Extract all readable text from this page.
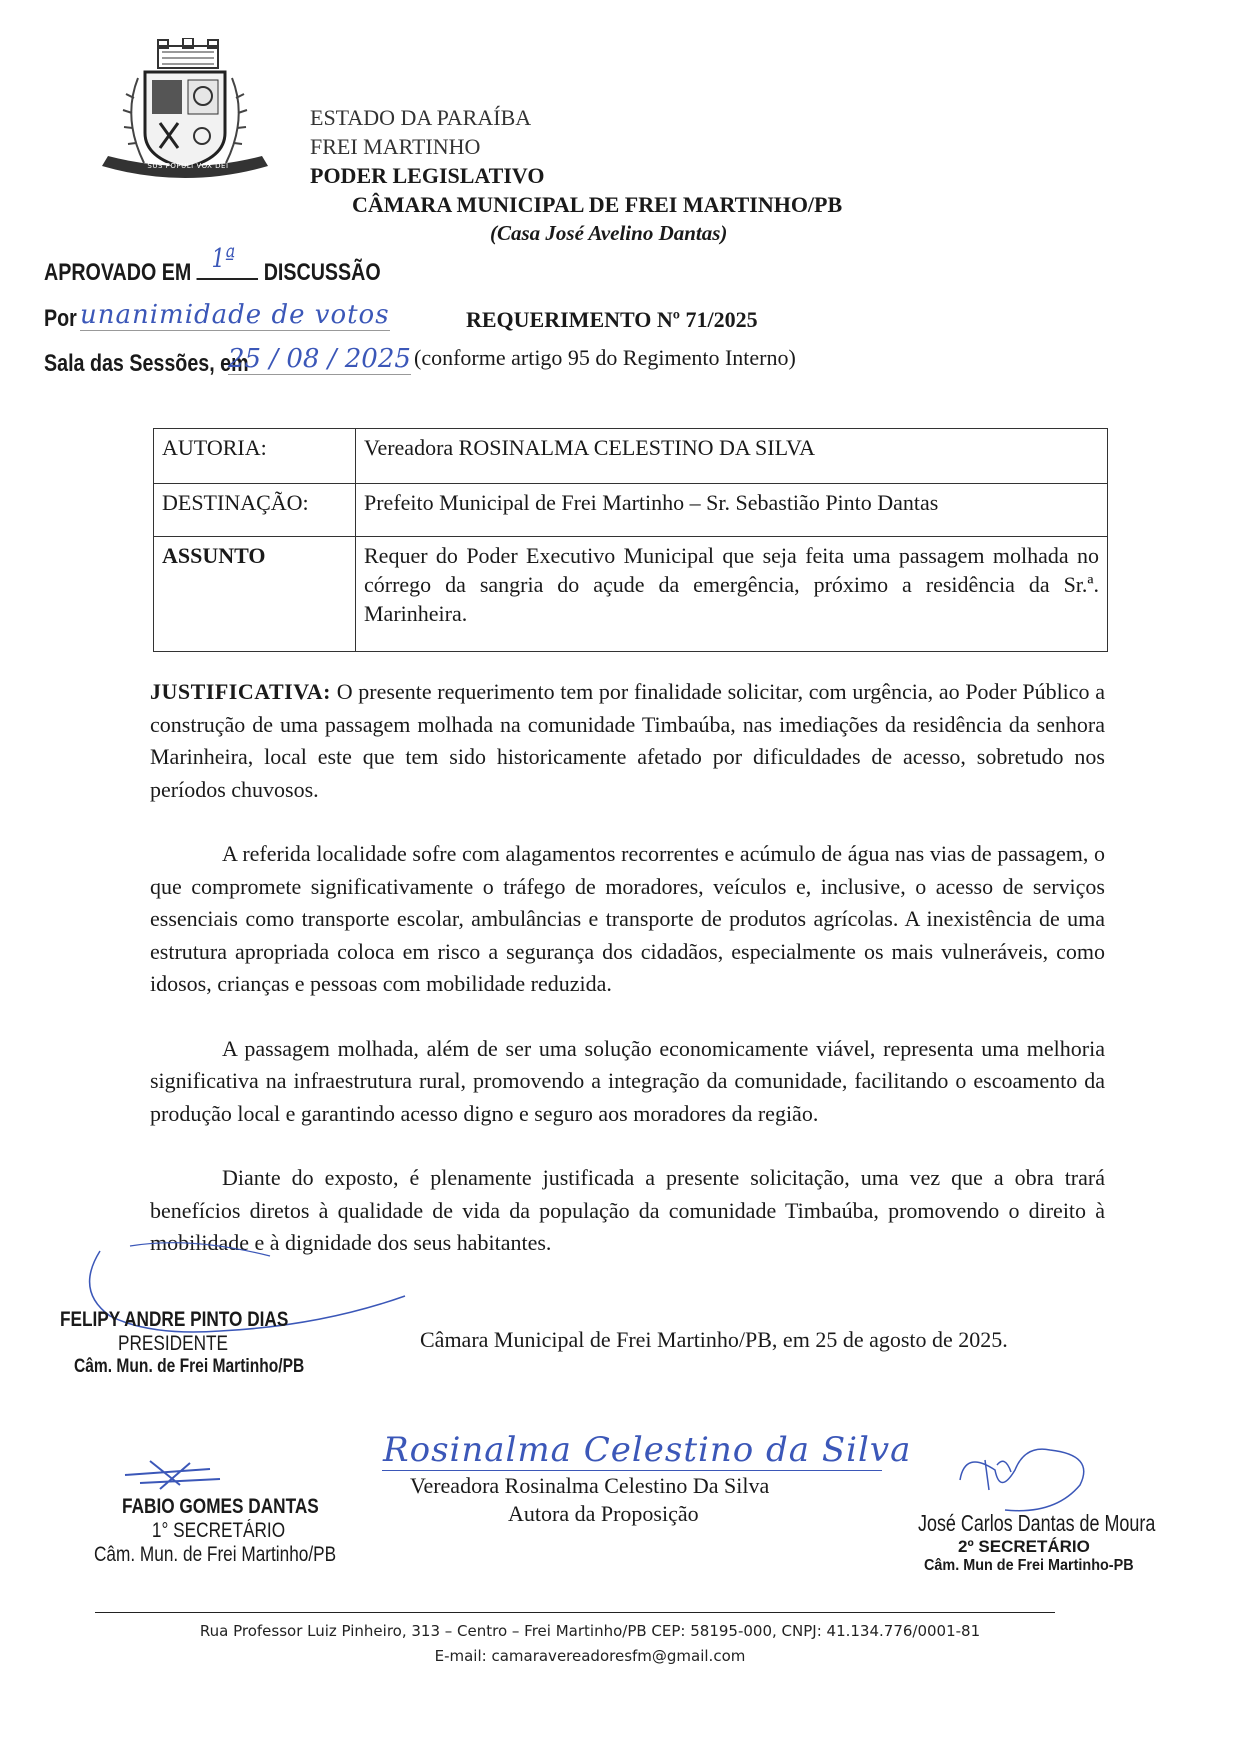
SUS POPULI VOX DEI
ESTADO DA PARAÍBA
FREI MARTINHO
PODER LEGISLATIVO
CÂMARA MUNICIPAL DE FREI MARTINHO/PB
(Casa José Avelino Dantas)
APROVADO EM 1ª DISCUSSÃO
Por unanimidade de votos
Sala das Sessões, em
25 / 08 / 2025
REQUERIMENTO Nº 71/2025
(conforme artigo 95 do Regimento Interno)
AUTORIA:	Vereadora ROSINALMA CELESTINO DA SILVA
DESTINAÇÃO:	Prefeito Municipal de Frei Martinho – Sr. Sebastião Pinto Dantas
ASSUNTO	Requer do Poder Executivo Municipal que seja feita uma passagem molhada no córrego da sangria do açude da emergência, próximo a residência da Sr.ª. Marinheira.

JUSTIFICATIVA: O presente requerimento tem por finalidade solicitar, com urgência, ao Poder Público a construção de uma passagem molhada na comunidade Timbaúba, nas imediações da residência da senhora Marinheira, local este que tem sido historicamente afetado por dificuldades de acesso, sobretudo nos períodos chuvosos.

A referida localidade sofre com alagamentos recorrentes e acúmulo de água nas vias de passagem, o que compromete significativamente o tráfego de moradores, veículos e, inclusive, o acesso de serviços essenciais como transporte escolar, ambulâncias e transporte de produtos agrícolas. A inexistência de uma estrutura apropriada coloca em risco a segurança dos cidadãos, especialmente os mais vulneráveis, como idosos, crianças e pessoas com mobilidade reduzida.

A passagem molhada, além de ser uma solução economicamente viável, representa uma melhoria significativa na infraestrutura rural, promovendo a integração da comunidade, facilitando o escoamento da produção local e garantindo acesso digno e seguro aos moradores da região.

Diante do exposto, é plenamente justificada a presente solicitação, uma vez que a obra trará benefícios diretos à qualidade de vida da população da comunidade Timbaúba, promovendo o direito à mobilidade e à dignidade dos seus habitantes.

Câmara Municipal de Frei Martinho/PB, em 25 de agosto de 2025.
FELIPY ANDRE PINTO DIAS
PRESIDENTE
Câm. Mun. de Frei Martinho/PB
Rosinalma Celestino da Silva
Vereadora Rosinalma Celestino Da Silva
Autora da Proposição
FABIO GOMES DANTAS
1° SECRETÁRIO
Câm. Mun. de Frei Martinho/PB
José Carlos Dantas de Moura
2º SECRETÁRIO
Câm. Mun de Frei Martinho-PB
Rua Professor Luiz Pinheiro, 313 – Centro – Frei Martinho/PB CEP: 58195-000, CNPJ: 41.134.776/0001-81
E-mail: camaravereadoresfm@gmail.com
